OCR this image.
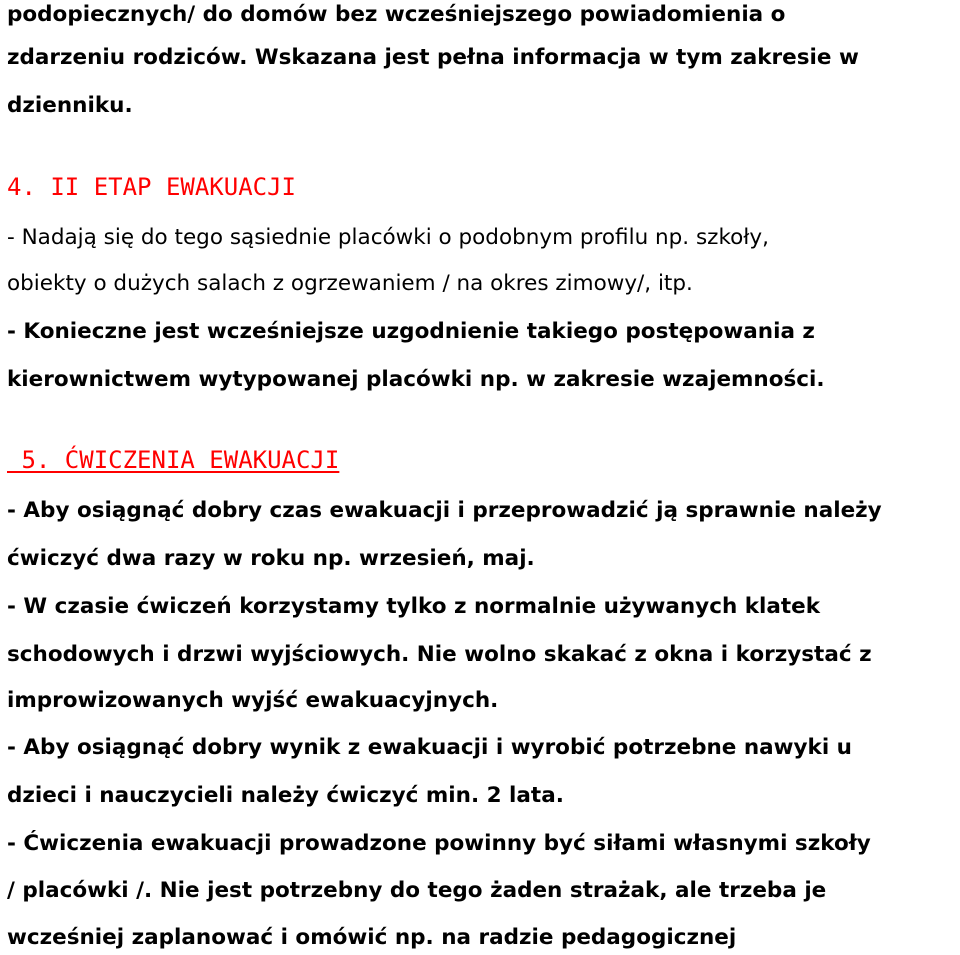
podopiecznych/ do domów bez wcześniejszego powiadomienia o
zdarzeniu rodziców. Wskazana jest pełna informacja w tym zakresie w
dzienniku.
4. II ETAP EWAKUACJI
- Nadają się do tego sąsiednie placówki o podobnym profilu np. szkoły,
obiekty o dużych salach z ogrzewaniem / na okres zimowy/, itp.
- Konieczne jest wcześniejsze uzgodnienie takiego postępowania z
kierownictwem wytypowanej placówki np. w zakresie wzajemności.
5. ĆWICZENIA EWAKUACJI
- Aby osiągnąć dobry czas ewakuacji i przeprowadzić ją sprawnie należy
ćwiczyć dwa razy w roku np. wrzesień, maj.
- W czasie ćwiczeń korzystamy tylko z normalnie używanych klatek
schodowych i drzwi wyjściowych. Nie wolno skakać z okna i korzystać z
improwizowanych wyjść ewakuacyjnych.
- Aby osiągnąć dobry wynik z ewakuacji i wyrobić potrzebne nawyki u
dzieci i nauczycieli należy ćwiczyć min. 2 lata.
- Ćwiczenia ewakuacji prowadzone powinny być siłami własnymi szkoły
/ placówki /. Nie jest potrzebny do tego żaden strażak, ale trzeba je
wcześniej zaplanować i omówić np. na radzie pedagogicznej
